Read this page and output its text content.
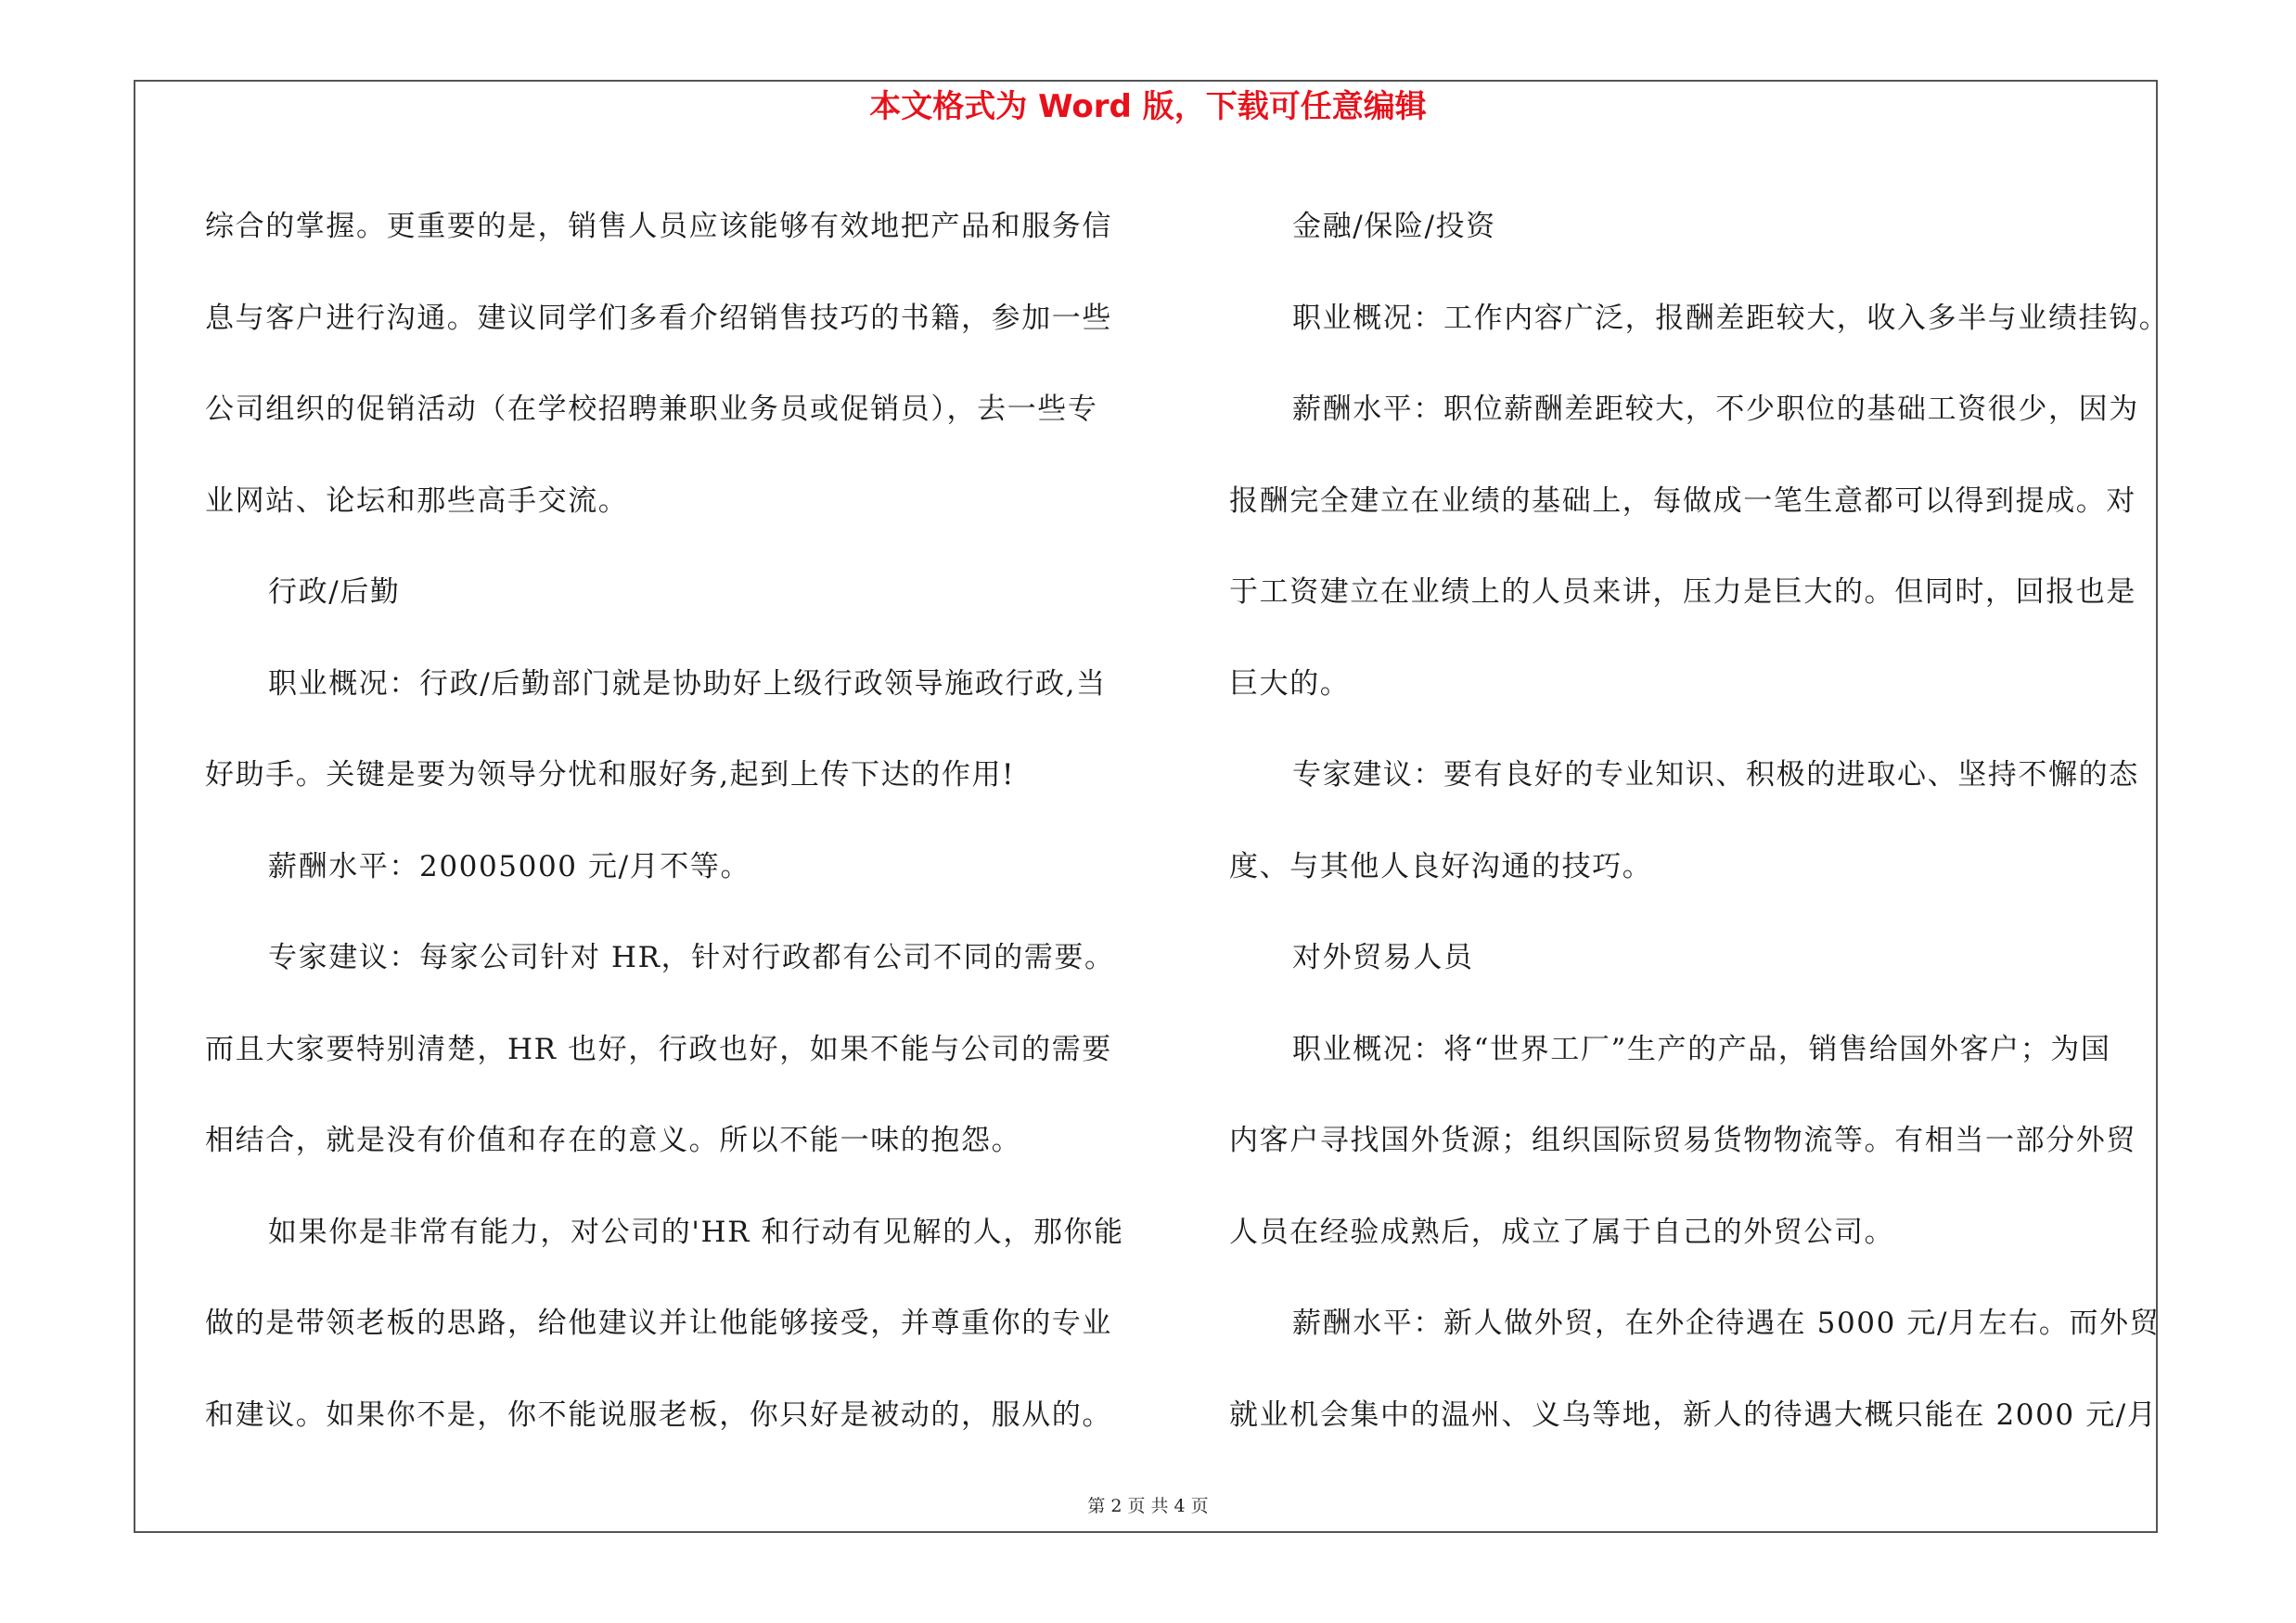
本文格式为 Word 版，下载可任意编辑
综合的掌握。更重要的是，销售人员应该能够有效地把产品和服务信
息与客户进行沟通。建议同学们多看介绍销售技巧的书籍，参加一些
公司组织的促销活动（在学校招聘兼职业务员或促销员），去一些专
业网站、论坛和那些高手交流。
行政/后勤
职业概况：行政/后勤部门就是协助好上级行政领导施政行政,当
好助手。关键是要为领导分忧和服好务,起到上传下达的作用!
薪酬水平：20005000 元/月不等。
专家建议：每家公司针对 HR，针对行政都有公司不同的需要。
而且大家要特别清楚，HR 也好，行政也好，如果不能与公司的需要
相结合，就是没有价值和存在的意义。所以不能一味的抱怨。
如果你是非常有能力，对公司的'HR 和行动有见解的人，那你能
做的是带领老板的思路，给他建议并让他能够接受，并尊重你的专业
和建议。如果你不是，你不能说服老板，你只好是被动的，服从的。
金融/保险/投资
职业概况：工作内容广泛，报酬差距较大，收入多半与业绩挂钩。
薪酬水平：职位薪酬差距较大，不少职位的基础工资很少，因为
报酬完全建立在业绩的基础上，每做成一笔生意都可以得到提成。对
于工资建立在业绩上的人员来讲，压力是巨大的。但同时，回报也是
巨大的。
专家建议：要有良好的专业知识、积极的进取心、坚持不懈的态
度、与其他人良好沟通的技巧。
对外贸易人员
职业概况：将“世界工厂”生产的产品，销售给国外客户；为国
内客户寻找国外货源；组织国际贸易货物物流等。有相当一部分外贸
人员在经验成熟后，成立了属于自己的外贸公司。
薪酬水平：新人做外贸，在外企待遇在 5000 元/月左右。而外贸
就业机会集中的温州、义乌等地，新人的待遇大概只能在 2000 元/月
第 2 页 共 4 页
